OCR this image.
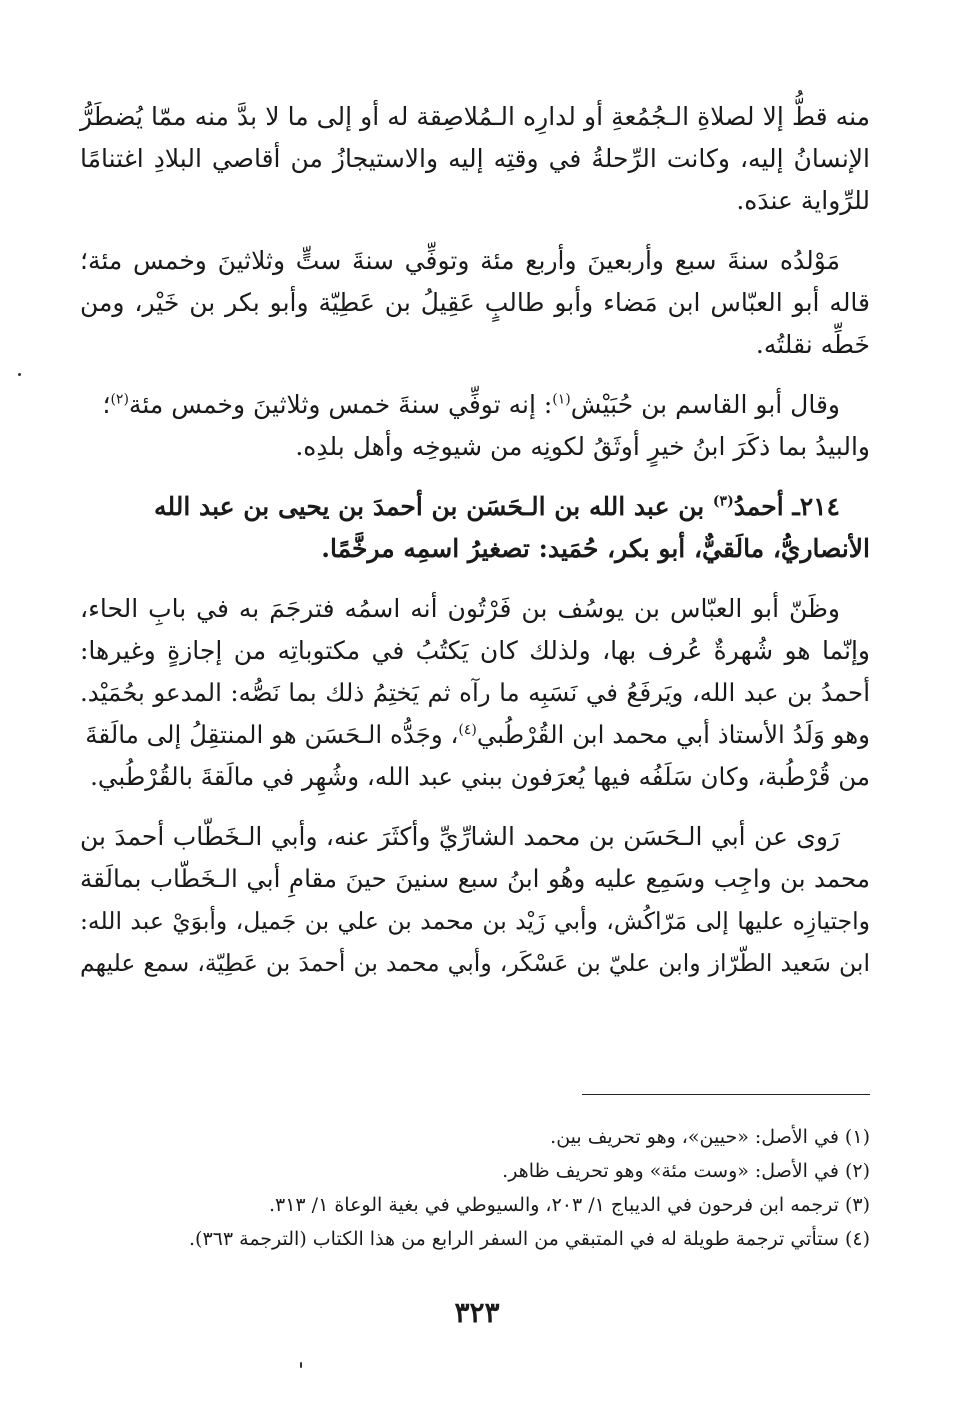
منه قطُّ إلا لصلاةِ الـجُمُعةِ أو لدارِه الـمُلاصِقة له أو إلى ما لا بدَّ منه ممّا يُضطَرُّ
الإنسانُ إليه، وكانت الرِّحلةُ في وقتِه إليه والاستيجازُ من أقاصي البلادِ اغتنامًا
للرِّواية عندَه.
مَوْلدُه سنةَ سبع وأربعينَ وأربع مئة وتوفِّي سنةَ ستٍّ وثلاثينَ وخمس مئة؛
قاله أبو العبّاس ابن مَضاء وأبو طالبٍ عَقِيلُ بن عَطِيّة وأبو بكر بن خَيْر، ومن
خَطِّه نقلتُه.
وقال أبو القاسم بن حُبَيْش$^{(١)}$: إنه توفِّي سنةَ خمس وثلاثينَ وخمس مئة$^{(٢)}$؛
والبيدُ بما ذكَرَ ابنُ خيرٍ أوثَقُ لكونِه من شيوخِه وأهل بلدِه.
٢١٤ـ أحمدُ$^{(٣)}$ بن عبد الله بن الـحَسَن بن أحمدَ بن يحيى بن عبد الله
الأنصاريُّ، مالَقيٌّ، أبو بكر، حُمَيد: تصغيرُ اسمِه مرخَّمًا.
وظَنّ أبو العبّاس بن يوسُف بن فَرْتُون أنه اسمُه فترجَمَ به في بابِ الحاء،
وإنّما هو شُهرةٌ عُرف بها، ولذلك كان يَكتُبُ في مكتوباتِه من إجازةٍ وغيرها:
أحمدُ بن عبد الله، ويَرفَعُ في نَسَبِه ما رآه ثم يَختِمُ ذلك بما نَصُّه: المدعو بحُمَيْد.
وهو وَلَدُ الأستاذ أبي محمد ابن القُرْطُبي$^{(٤)}$، وجَدُّه الـحَسَن هو المنتقِلُ إلى مالَقةَ
من قُرْطُبة، وكان سَلَفُه فيها يُعرَفون ببني عبد الله، وشُهِر في مالَقةَ بالقُرْطُبي.
رَوى عن أبي الـحَسَن بن محمد الشارِّيِّ وأكثَرَ عنه، وأبي الـخَطّاب أحمدَ بن
محمد بن واجِب وسَمِع عليه وهُو ابنُ سبع سنينَ حينَ مقامِ أبي الـخَطّاب بمالَقة
واجتيازِه عليها إلى مَرّاكُش، وأبي زَيْد بن محمد بن علي بن جَميل، وأبوَيْ عبد الله:
ابن سَعيد الطّرّاز وابن عليّ بن عَسْكَر، وأبي محمد بن أحمدَ بن عَطِيّة، سمع عليهم

(١) في الأصل: «حيين»، وهو تحريف بين.

(٢) في الأصل: «وست مئة» وهو تحريف ظاهر.

(٣) ترجمه ابن فرحون في الديباج ١/ ٢٠٣، والسيوطي في بغية الوعاة ١/ ٣١٣.

(٤) ستأتي ترجمة طويلة له في المتبقي من السفر الرابع من هذا الكتاب (الترجمة ٣٦٣).

٣٢٣
